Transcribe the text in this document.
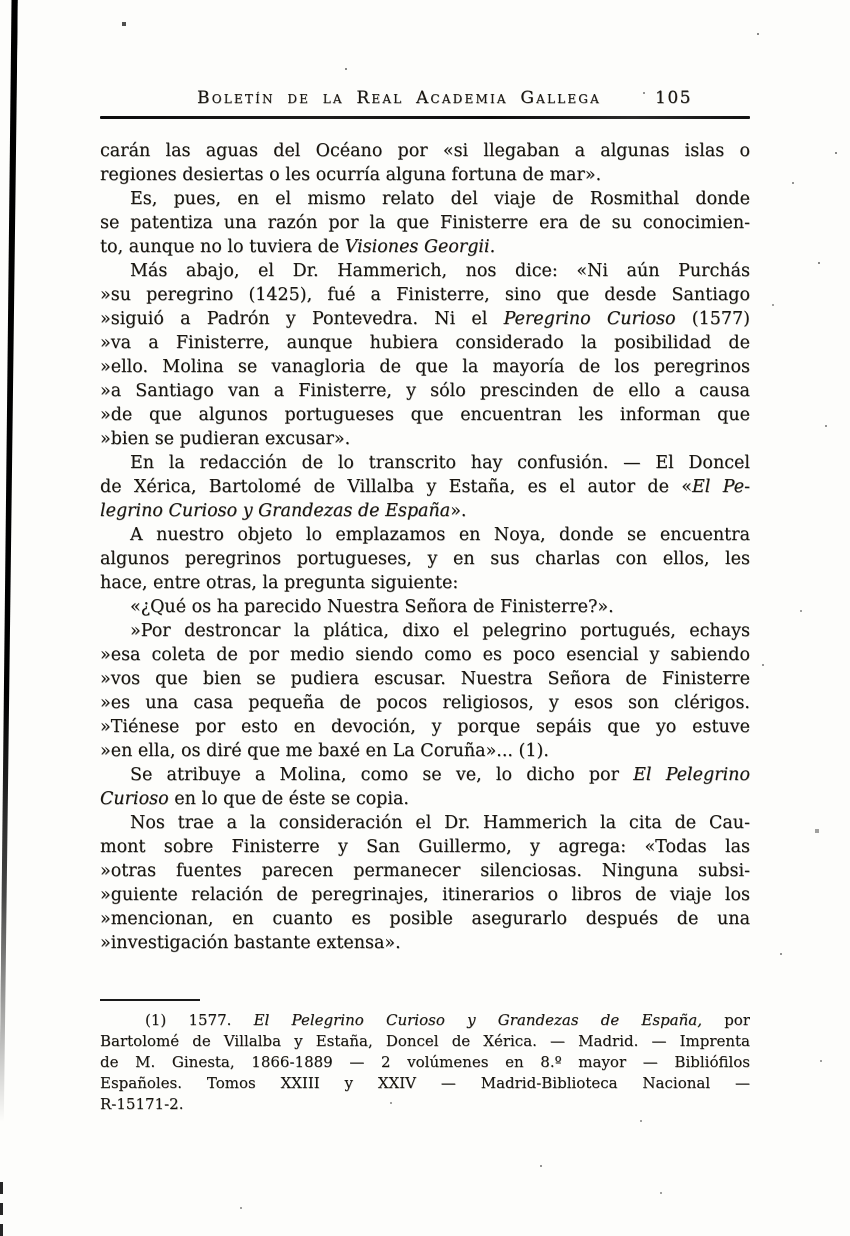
Boletín de la Real Academia Gallega	105
carán las aguas del Océano por «si llegaban a algunas islas o
regiones desiertas o les ocurría alguna fortuna de mar».
Es, pues, en el mismo relato del viaje de Rosmithal donde
se patentiza una razón por la que Finisterre era de su conocimien-
to, aunque no lo tuviera de Visiones Georgii.
Más abajo, el Dr. Hammerich, nos dice: «Ni aún Purchás
»su peregrino (1425), fué a Finisterre, sino que desde Santiago
»siguió a Padrón y Pontevedra. Ni el Peregrino Curioso (1577)
»va a Finisterre, aunque hubiera considerado la posibilidad de
»ello. Molina se vanagloria de que la mayoría de los peregrinos
»a Santiago van a Finisterre, y sólo prescinden de ello a causa
»de que algunos portugueses que encuentran les informan que
»bien se pudieran excusar».
En la redacción de lo transcrito hay confusión. — El Doncel
de Xérica, Bartolomé de Villalba y Estaña, es el autor de «El Pe-
legrino Curioso y Grandezas de España».
A nuestro objeto lo emplazamos en Noya, donde se encuentra
algunos peregrinos portugueses, y en sus charlas con ellos, les
hace, entre otras, la pregunta siguiente:
«¿Qué os ha parecido Nuestra Señora de Finisterre?».
»Por destroncar la plática, dixo el pelegrino portugués, echays
»esa coleta de por medio siendo como es poco esencial y sabiendo
»vos que bien se pudiera escusar. Nuestra Señora de Finisterre
»es una casa pequeña de pocos religiosos, y esos son clérigos.
»Tiénese por esto en devoción, y porque sepáis que yo estuve
»en ella, os diré que me baxé en La Coruña»... (1).
Se atribuye a Molina, como se ve, lo dicho por El Pelegrino
Curioso en lo que de éste se copia.
Nos trae a la consideración el Dr. Hammerich la cita de Cau-
mont sobre Finisterre y San Guillermo, y agrega: «Todas las
»otras fuentes parecen permanecer silenciosas. Ninguna subsi-
»guiente relación de peregrinajes, itinerarios o libros de viaje los
»mencionan, en cuanto es posible asegurarlo después de una
»investigación bastante extensa».
(1) 1577. El Pelegrino Curioso y Grandezas de España, por
Bartolomé de Villalba y Estaña, Doncel de Xérica. — Madrid. — Imprenta
de M. Ginesta, 1866-1889 — 2 volúmenes en 8.º mayor — Bibliófilos
Españoles. Tomos XXIII y XXIV — Madrid-Biblioteca Nacional —
R-15171-2.
